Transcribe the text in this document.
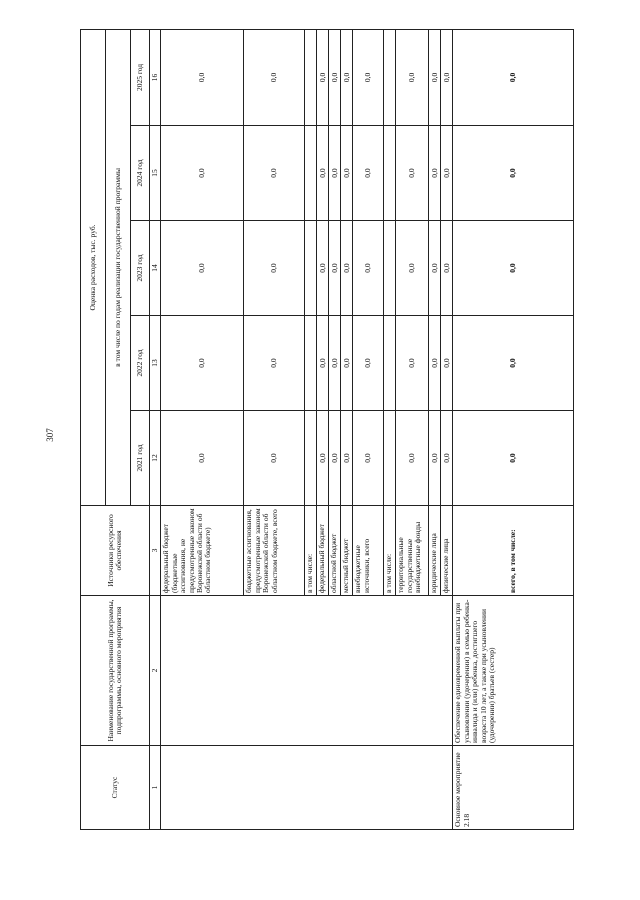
307
Статус	Наименование государственной программы, подпрограммы, основного мероприятия	Источники ресурсного обеспечения	Оценка расходов, тыс. руб.				
			в том числе по годам реализации государственной программы				
			2021 год	2022 год	2023 год	2024 год	2025 год
1	2	3	12	13	14	15	16
		федеральный бюджет (бюджетные ассигнования, не предусмотренные законом Воронежской области об областном бюджете)	0,0	0,0	0,0	0,0	0,0
		бюджетные ассигнования, предусмотренные законом Воронежской области об областном бюджете, всего	0,0	0,0	0,0	0,0	0,0
		в том числе:					
		федеральный бюджет	0,0	0,0	0,0	0,0	0,0
		областной бюджет	0,0	0,0	0,0	0,0	0,0
		местный бюджет	0,0	0,0	0,0	0,0	0,0
		внебюджетные источники, всего	0,0	0,0	0,0	0,0	0,0
		в том числе:					
		территориальные государственные внебюджетные фонды	0,0	0,0	0,0	0,0	0,0
		юридические лица	0,0	0,0	0,0	0,0	0,0
		физические лица	0,0	0,0	0,0	0,0	0,0
Основное мероприятие 2.18	Обеспечение единовременной выплаты при усыновлении (удочерении) в семью ребенка-инвалида и (или) ребенка, достигшего возраста 10 лет, а также при усыновлении (удочерении) братьев (сестер)	всего, в том числе:	0,0	0,0	0,0	0,0	0,0
